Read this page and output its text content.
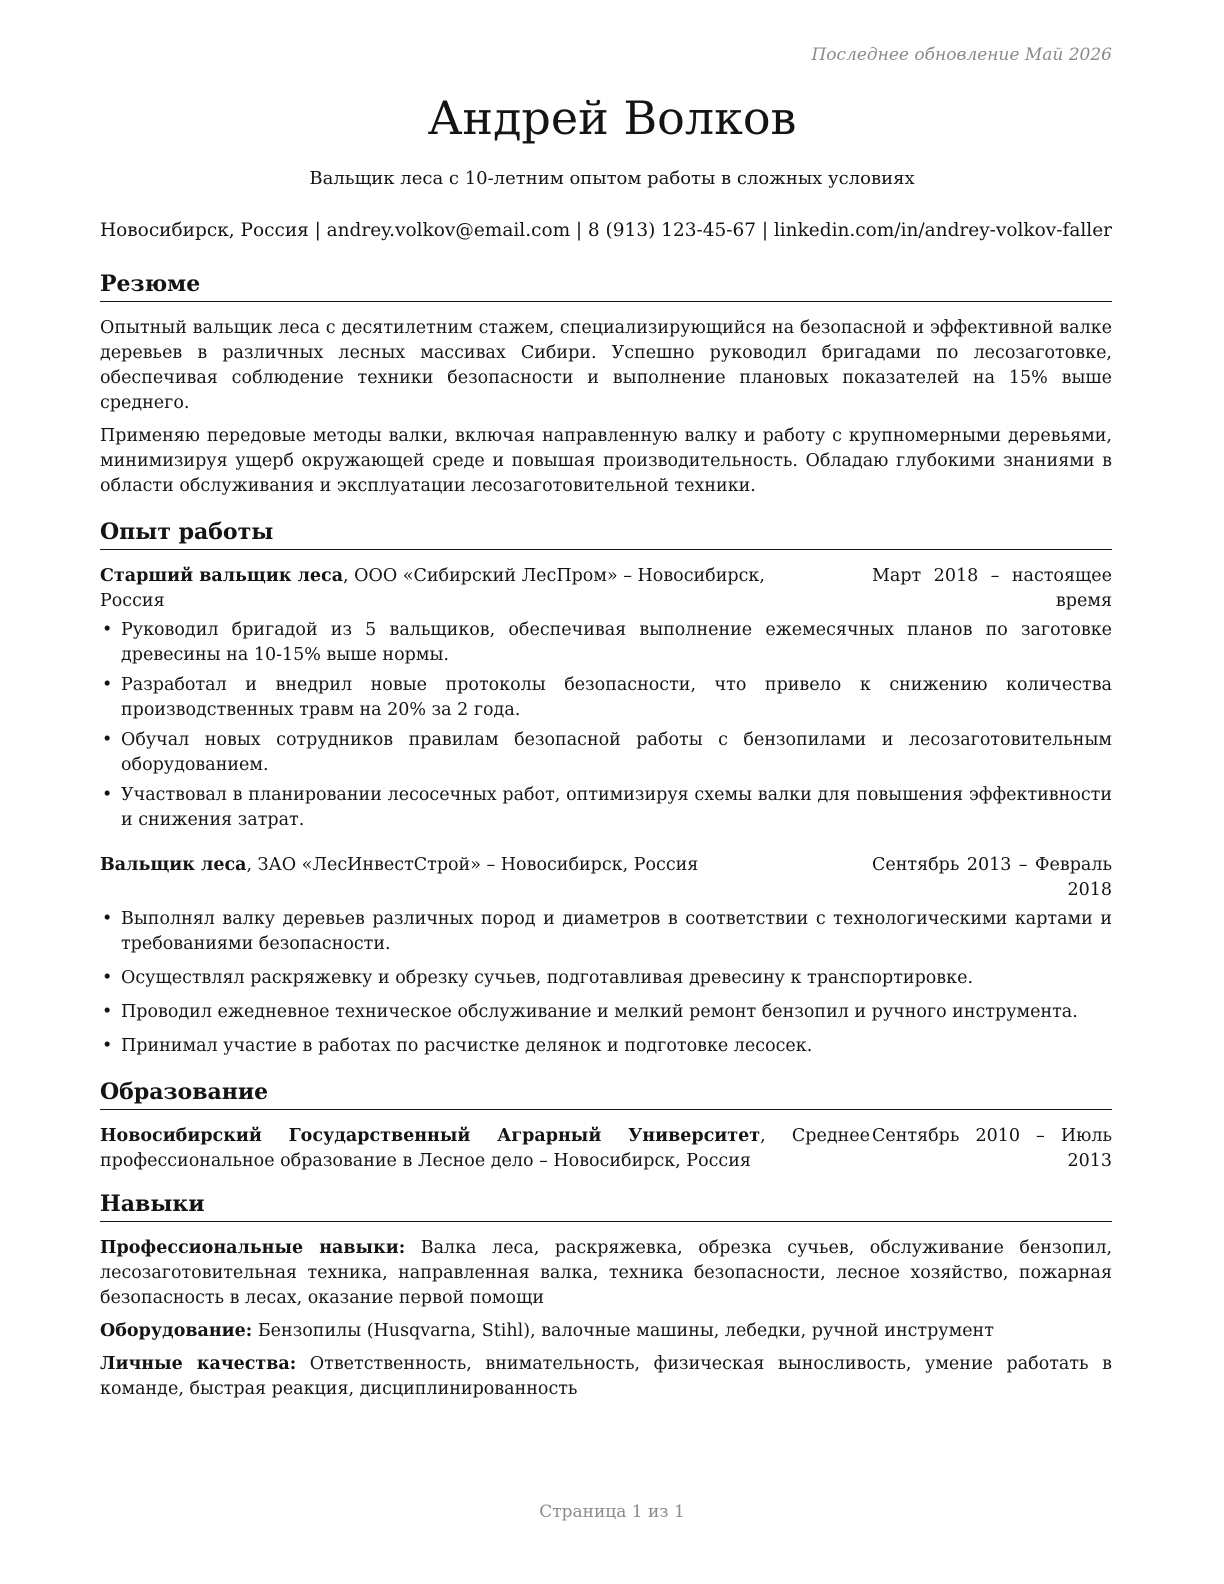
Последнее обновление Май 2026

Андрей Волков

Вальщик леса с 10-летним опытом работы в сложных условиях

Новосибирск, Россия | andrey.volkov@email.com | 8 (913) 123-45-67 | linkedin.com/in/andrey-volkov-faller
Резюме

Опытный вальщик леса с десятилетним стажем, специализирующийся на безопасной и эффективной валке деревьев в различных лесных массивах Сибири. Успешно руководил бригадами по лесозаготовке, обеспечивая соблюдение техники безопасности и выполнение плановых показателей на 15% выше среднего.

Применяю передовые методы валки, включая направленную валку и работу с крупномерными деревьями, минимизируя ущерб окружающей среде и повышая производительность. Обладаю глубокими знаниями в области обслуживания и эксплуатации лесозаготовительной техники.

Опыт работы
Старший вальщик леса, ООО «Сибирский ЛесПром» – Новосибирск, Россия
Март 2018 – настоящее время
• Руководил бригадой из 5 вальщиков, обеспечивая выполнение ежемесячных планов по заготовке древесины на 10-15% выше нормы.
• Разработал и внедрил новые протоколы безопасности, что привело к снижению количества производственных травм на 20% за 2 года.
• Обучал новых сотрудников правилам безопасной работы с бензопилами и лесозаготовительным оборудованием.
• Участвовал в планировании лесосечных работ, оптимизируя схемы валки для повышения эффективности и снижения затрат.
Вальщик леса, ЗАО «ЛесИнвестСтрой» – Новосибирск, Россия	Сентябрь 2013 – Февраль 2018
• Выполнял валку деревьев различных пород и диаметров в соответствии с технологическими картами и требованиями безопасности.
• Осуществлял раскряжевку и обрезку сучьев, подготавливая древесину к транспортировке.
• Проводил ежедневное техническое обслуживание и мелкий ремонт бензопил и ручного инструмента.
• Принимал участие в работах по расчистке делянок и подготовке лесосек.
Образование
Новосибирский Государственный Аграрный Университет, Среднее профессиональное образование в Лесное дело – Новосибирск, Россия
Сентябрь 2010 – Июль 2013
Навыки

Профессиональные навыки: Валка леса, раскряжевка, обрезка сучьев, обслуживание бензопил, лесозаготовительная техника, направленная валка, техника безопасности, лесное хозяйство, пожарная безопасность в лесах, оказание первой помощи

Оборудование: Бензопилы (Husqvarna, Stihl), валочные машины, лебедки, ручной инструмент

Личные качества: Ответственность, внимательность, физическая выносливость, умение работать в команде, быстрая реакция, дисциплинированность

Страница 1 из 1
